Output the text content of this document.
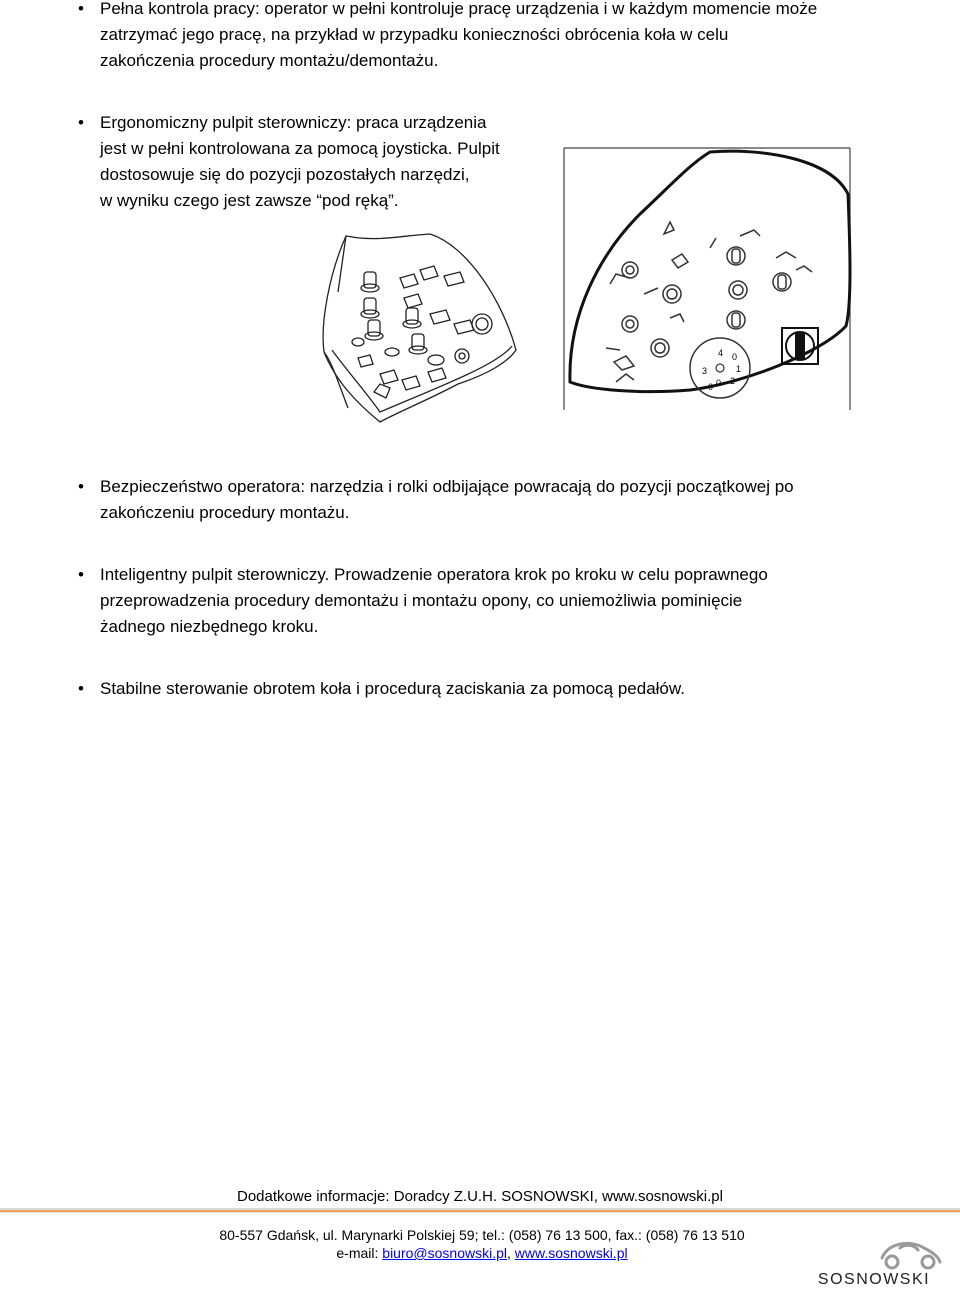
• Pełna kontrola pracy: operator w pełni kontroluje pracę urządzenia i w każdym momencie może
zatrzymać jego pracę, na przykład w przypadku konieczności obrócenia koła w celu
zakończenia procedury montażu/demontażu.

• Ergonomiczny pulpit sterowniczy: praca urządzenia
jest w pełni kontrolowana za pomocą joysticka. Pulpit
dostosowuje się do pozycji pozostałych narzędzi,
w wyniku czego jest zawsze “pod ręką”.

4 0
1
3
0 2
0
• Bezpieczeństwo operatora: narzędzia i rolki odbijające powracają do pozycji początkowej po
zakończeniu procedury montażu.

• Inteligentny pulpit sterowniczy. Prowadzenie operatora krok po kroku w celu poprawnego
przeprowadzenia procedury demontażu i montażu opony, co uniemożliwia pominięcie
żadnego niezbędnego kroku.

• Stabilne sterowanie obrotem koła i procedurą zaciskania za pomocą pedałów.

Dodatkowe informacje: Doradcy Z.U.H. SOSNOWSKI, www.sosnowski.pl
80-557 Gdańsk, ul. Marynarki Polskiej 59; tel.: (058) 76 13 500, fax.: (058) 76 13 510
e-mail: biuro@sosnowski.pl, www.sosnowski.pl
SOSNOWSKI
